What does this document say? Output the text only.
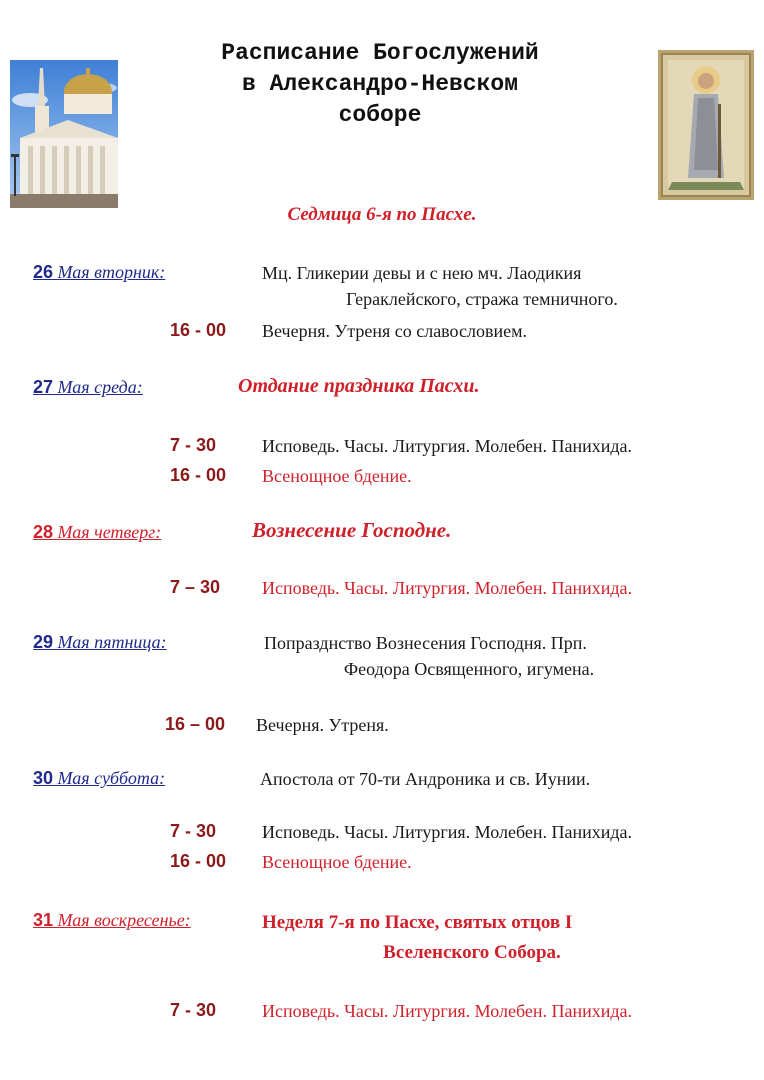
Расписание Богослужений
в Александро-Невском
соборе
Седмица 6-я по Пасхе.
26 Мая вторник:	Мц. Гликерии девы и с нею мч. Лаодикия
Гераклейского, стража темничного.
16 - 00 Вечерня. Утреня со славословием.
27 Мая среда:	Отдание праздника Пасхи.
7 - 30	Исповедь. Часы. Литургия. Молебен. Панихида.
16 - 00 Всенощное бдение.
28 Мая четверг:	Вознесение Господне.
7 – 30 Исповедь. Часы. Литургия. Молебен. Панихида.
29 Мая пятница:	Попразднство Вознесения Господня. Прп.
Феодора Освященного, игумена.
16 – 00 Вечерня. Утреня.
30 Мая суббота:	Апостола от 70-ти Андроника и св. Иунии.
7 - 30	Исповедь. Часы. Литургия. Молебен. Панихида.
16 - 00 Всенощное бдение.
31 Мая воскресенье:	Неделя 7-я по Пасхе, святых отцов I
Вселенского Собора.
7 - 30	Исповедь. Часы. Литургия. Молебен. Панихида.
